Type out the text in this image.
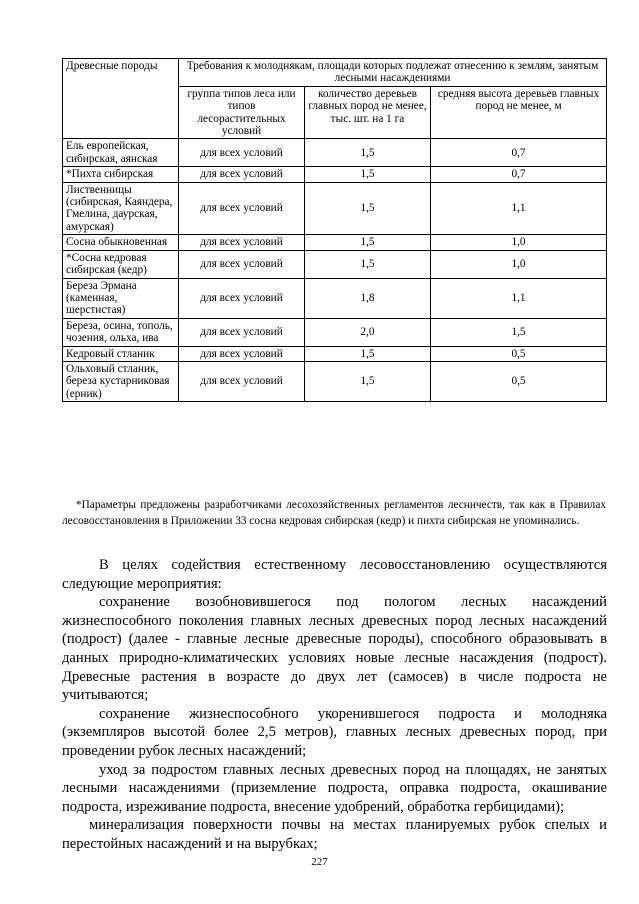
Древесные породы	Требования к молоднякам, площади которых подлежат отнесению к землям, занятым лесными насаждениями		
	группа типов леса или типов лесорастительных условий	количество деревьев главных пород не менее, тыс. шт. на 1 га	средняя высота деревьев главных пород не менее, м
Ель европейская, сибирская, аянская	для всех условий	1,5	0,7
*Пихта сибирская	для всех условий	1,5	0,7
Лиственницы (сибирская, Каяндера, Гмелина, даурская, амурская)	для всех условий	1,5	1,1
Сосна обыкновенная	для всех условий	1,5	1,0
*Сосна кедровая сибирская (кедр)	для всех условий	1,5	1,0
Береза Эрмана (каменная, шерстистая)	для всех условий	1,8	1,1
Береза, осина, тополь, чозения, ольха, ива	для всех условий	2,0	1,5
Кедровый стланик	для всех условий	1,5	0,5
Ольховый стланик, береза кустарниковая (ерник)	для всех условий	1,5	0,5
*Параметры предложены разработчиками лесохозяйственных регламентов лесничеств, так как в Правилах лесовосстановления в Приложении 33 сосна кедровая сибирская (кедр) и пихта сибирская не упоминались.

В целях содействия естественному лесовосстановлению осуществляются следующие мероприятия:

сохранение возобновившегося под пологом лесных насаждений жизнеспособного поколения главных лесных древесных пород лесных насаждений (подрост) (далее - главные лесные древесные породы), способного образовывать в данных природно-климатических условиях новые лесные насаждения (подрост). Древесные растения в возрасте до двух лет (самосев) в числе подроста не учитываются;

сохранение жизнеспособного укоренившегося подроста и молодняка (экземпляров высотой более 2,5 метров), главных лесных древесных пород, при проведении рубок лесных насаждений;

уход за подростом главных лесных древесных пород на площадях, не занятых лесными насаждениями (приземление подроста, оправка подроста, окашивание подроста, изреживание подроста, внесение удобрений, обработка гербицидами);

минерализация поверхности почвы на местах планируемых рубок спелых и перестойных насаждений и на вырубках;

227
